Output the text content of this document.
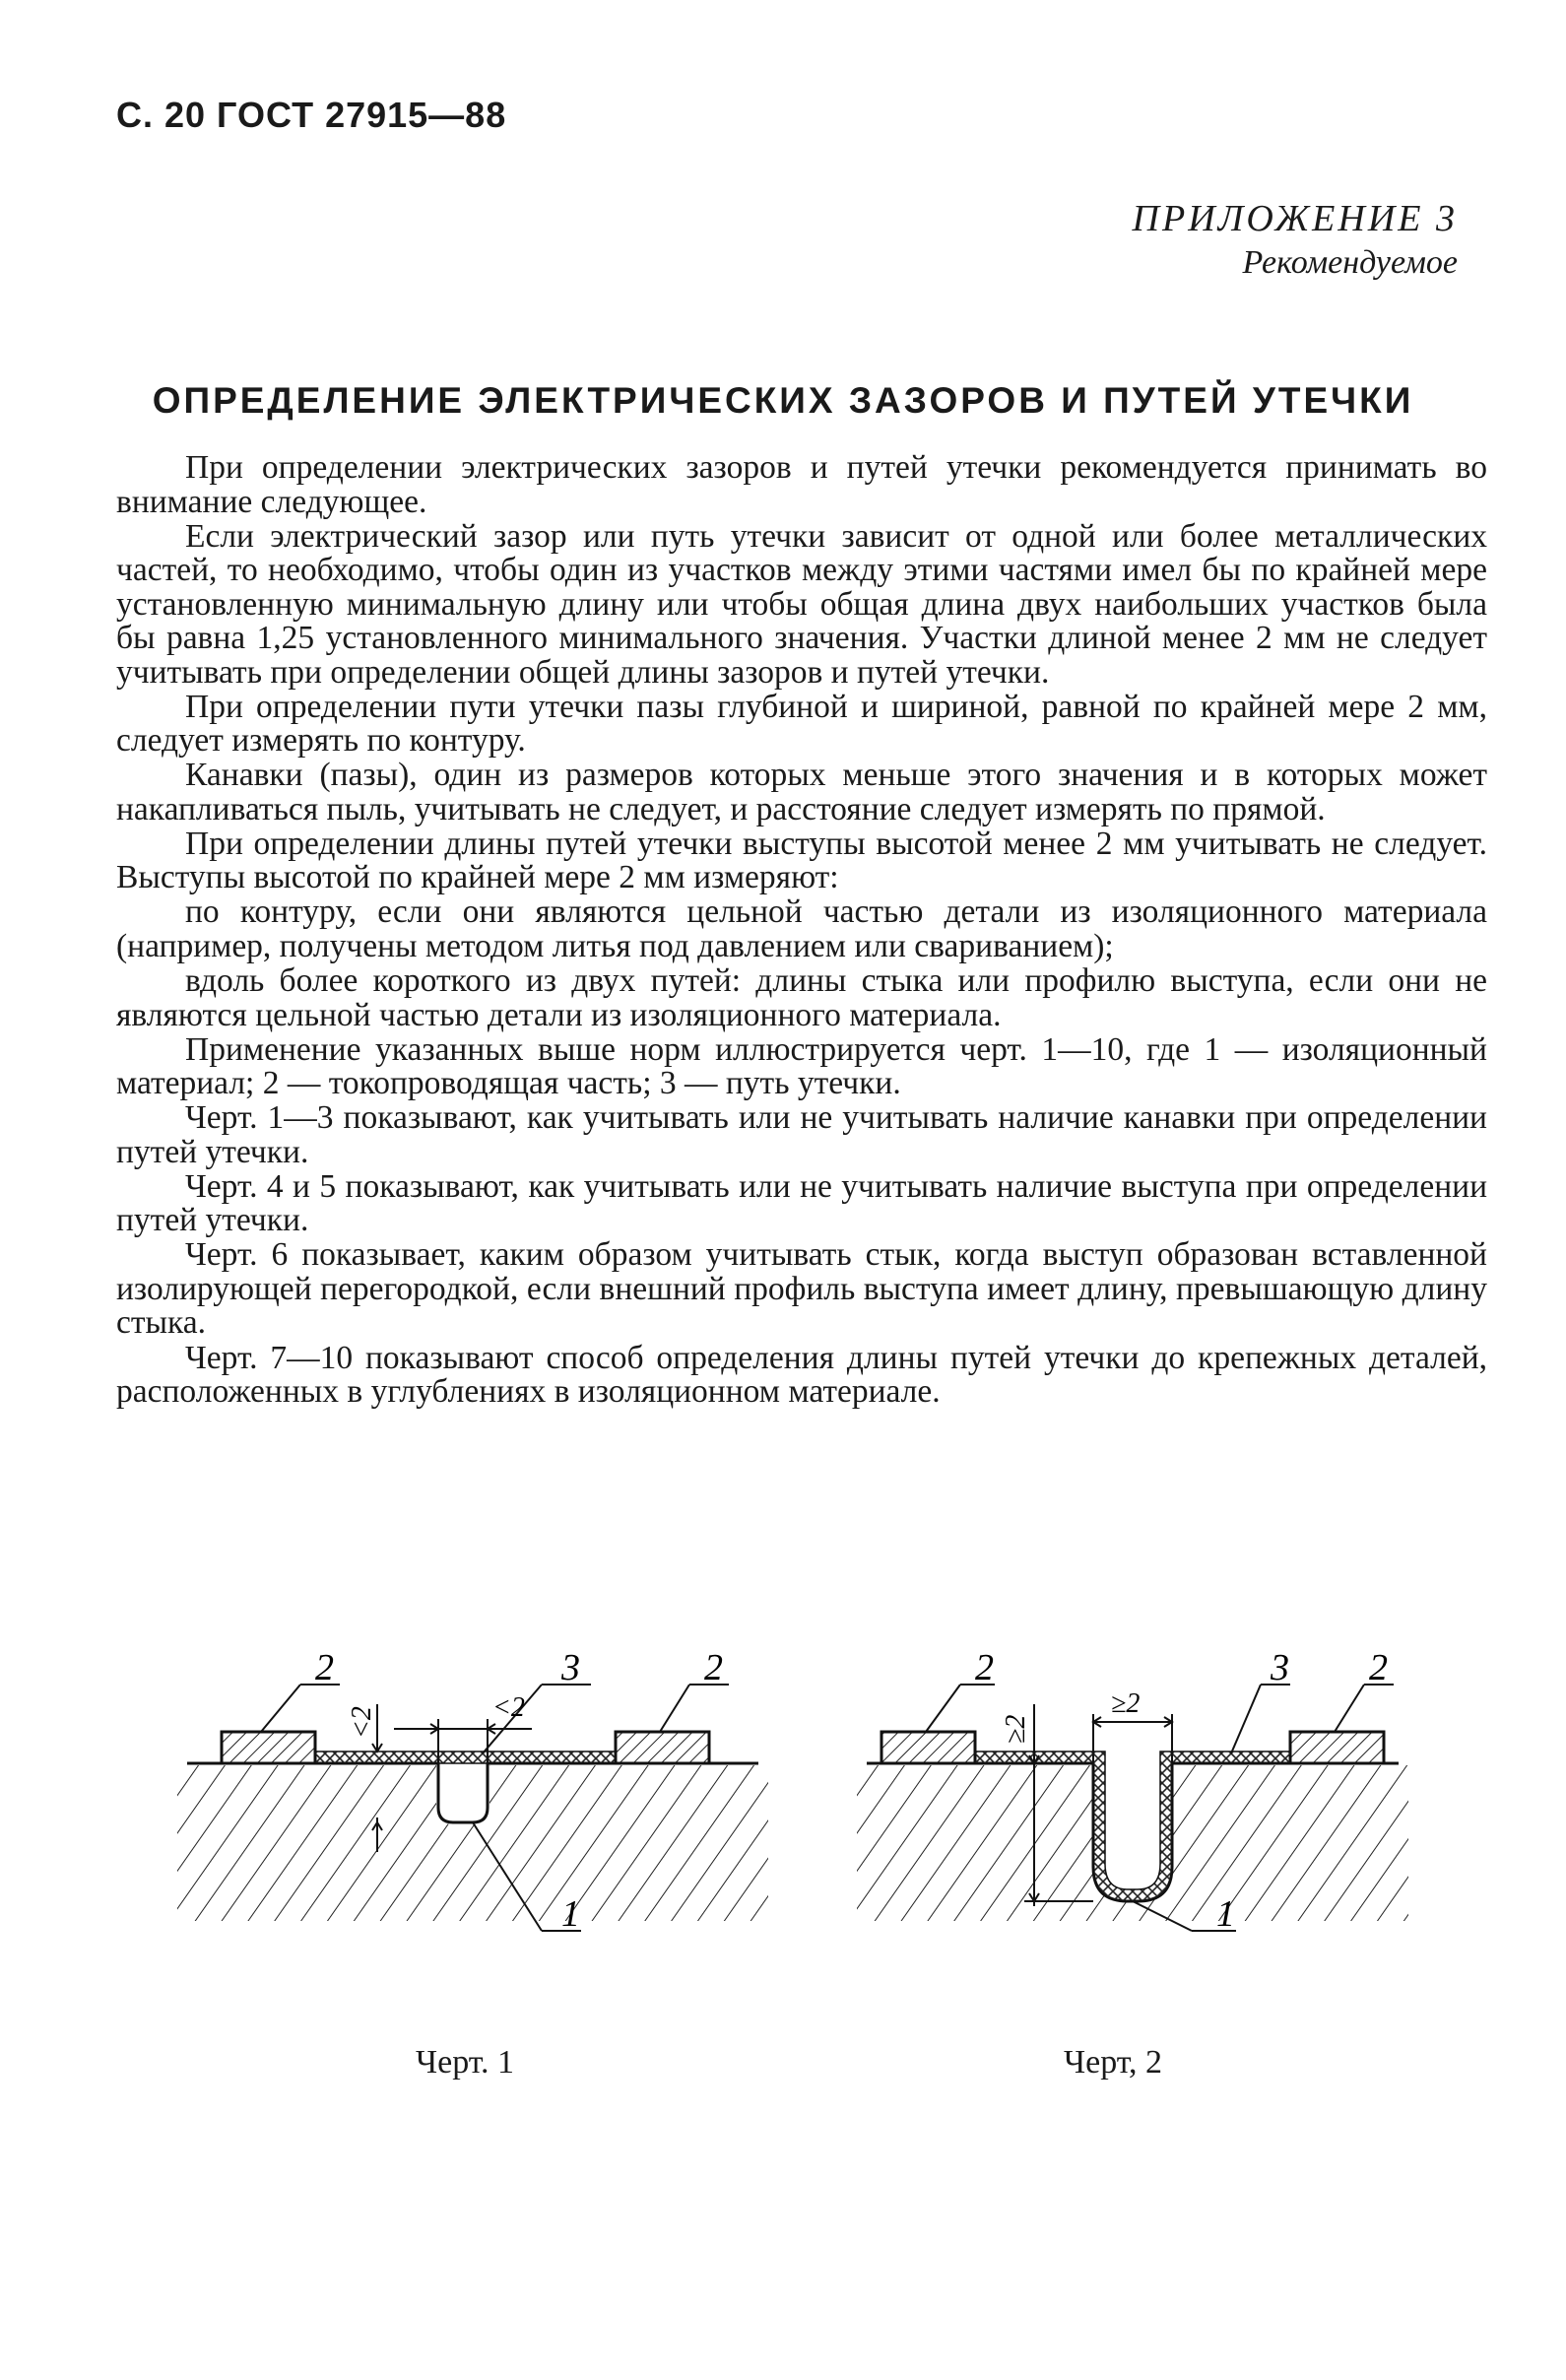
С. 20 ГОСТ 27915—88
ПРИЛОЖЕНИЕ 3
Рекомендуемое
ОПРЕДЕЛЕНИЕ ЭЛЕКТРИЧЕСКИХ ЗАЗОРОВ И ПУТЕЙ УТЕЧКИ

При определении электрических зазоров и путей утечки рекомендуется принимать во внимание следующее.

Если электрический зазор или путь утечки зависит от одной или более металлических частей, то необходимо, чтобы один из участков между этими частями имел бы по крайней мере установленную минимальную длину или чтобы общая длина двух наибольших участков была бы равна 1,25 установленного минимального значения. Участки длиной менее 2 мм не следует учитывать при определении общей длины зазоров и путей утечки.

При определении пути утечки пазы глубиной и шириной, равной по крайней мере 2 мм, следует измерять по контуру.

Канавки (пазы), один из размеров которых меньше этого значения и в которых может накапливаться пыль, учитывать не следует, и расстояние следует измерять по прямой.

При определении длины путей утечки выступы высотой менее 2 мм учитывать не следует. Выступы высотой по крайней мере 2 мм измеряют:

по контуру, если они являются цельной частью детали из изоляционного материала (например, получены методом литья под давлением или свариванием);

вдоль более короткого из двух путей: длины стыка или профилю выступа, если они не являются цельной частью детали из изоляционного материала.

Применение указанных выше норм иллюстрируется черт. 1—10, где 1 — изоляционный материал; 2 — токопроводящая часть; 3 — путь утечки.

Черт. 1—3 показывают, как учитывать или не учитывать наличие канавки при определении путей утечки.

Черт. 4 и 5 показывают, как учитывать или не учитывать наличие выступа при определении путей утечки.

Черт. 6 показывает, каким образом учитывать стык, когда выступ образован вставленной изолирующей перегородкой, если внешний профиль выступа имеет длину, превышающую длину стыка.

Черт. 7—10 показывают способ определения длины путей утечки до крепежных деталей, расположенных в углублениях в изоляционном материале.

2	3	2
1
<2
<2
Черт. 1
2	3 2
1
≥2
≥2
Черт, 2
